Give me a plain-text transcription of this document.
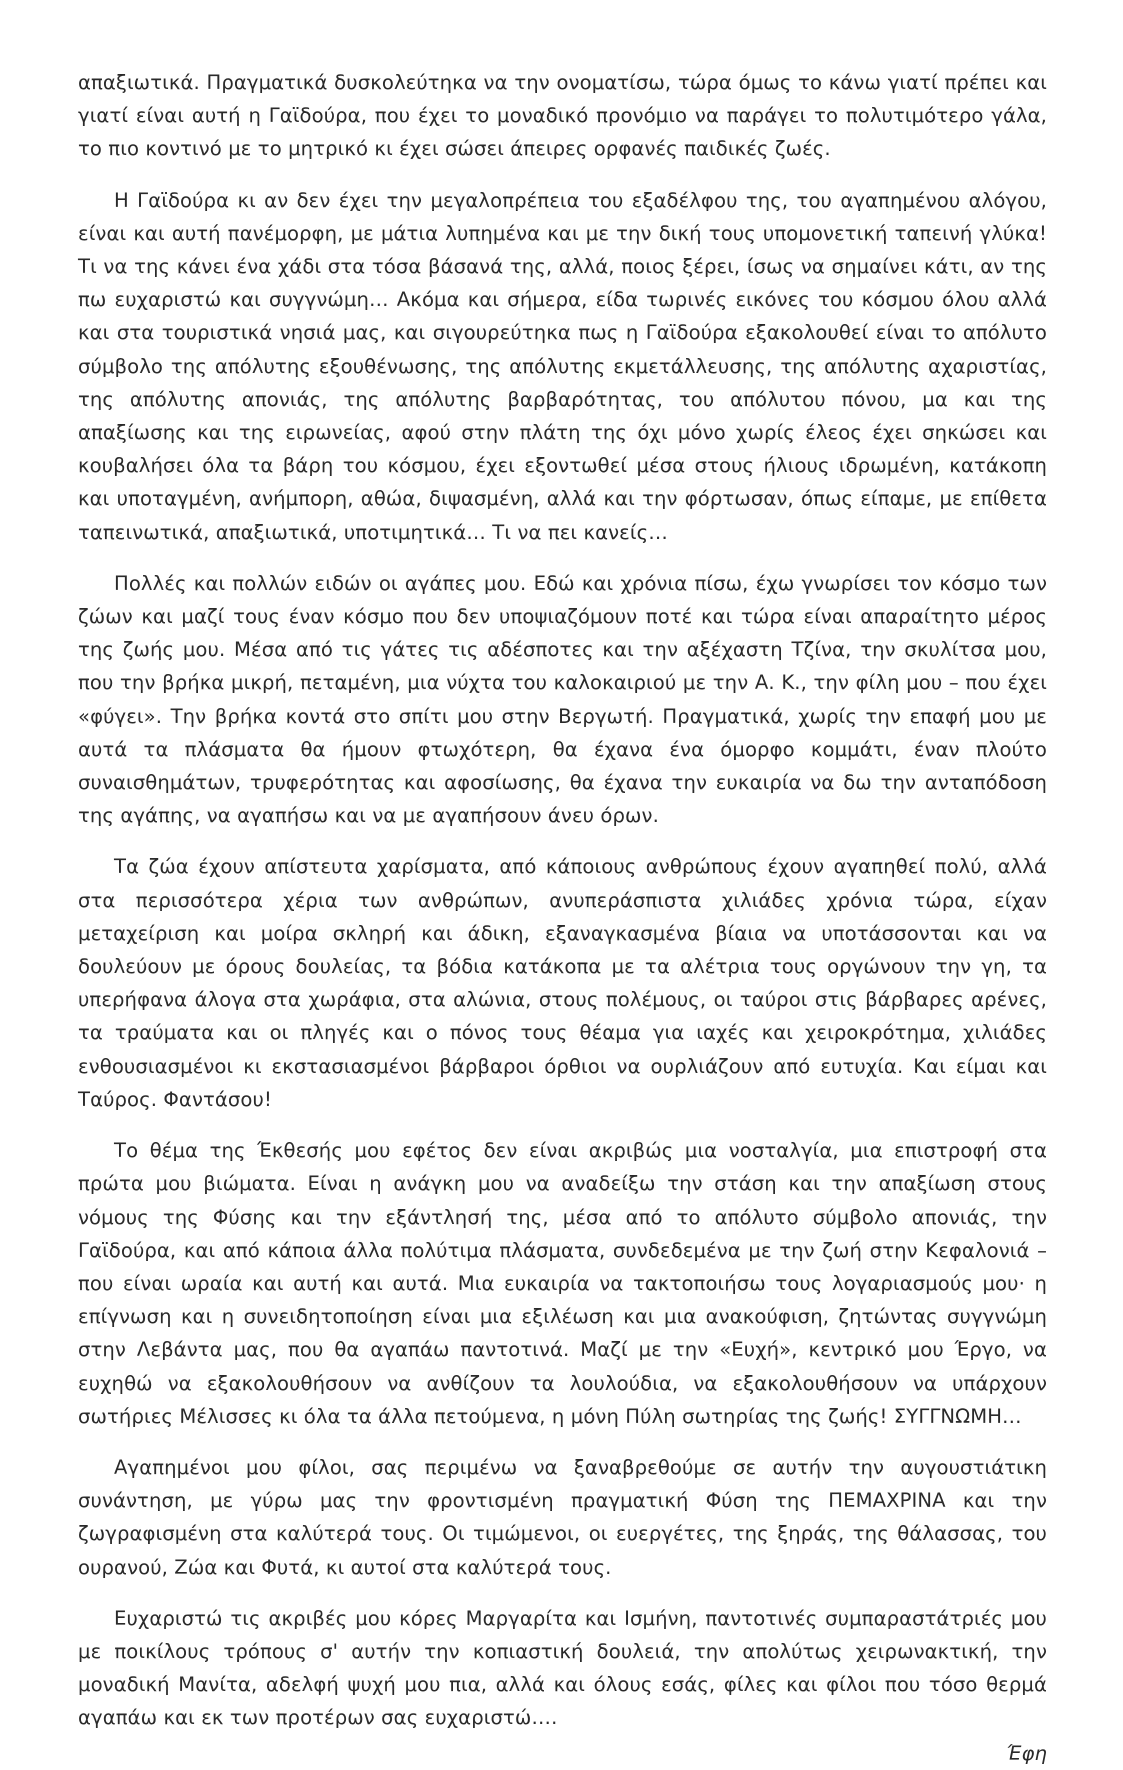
απαξιωτικά. Πραγματικά δυσκολεύτηκα να την ονοματίσω, τώρα όμως το κάνω γιατί πρέπει και γιατί είναι αυτή η Γαϊδούρα, που έχει το μοναδικό προνόμιο να παράγει το πολυτιμότερο γάλα, το πιο κοντινό με το μητρικό κι έχει σώσει άπειρες ορφανές παιδικές ζωές.

Η Γαϊδούρα κι αν δεν έχει την μεγαλοπρέπεια του εξαδέλφου της, του αγαπημένου αλόγου, είναι και αυτή πανέμορφη, με μάτια λυπημένα και με την δική τους υπομονετική ταπεινή γλύκα! Τι να της κάνει ένα χάδι στα τόσα βάσανά της, αλλά, ποιος ξέρει, ίσως να σημαίνει κάτι, αν της πω ευχαριστώ και συγγνώμη… Ακόμα και σήμερα, είδα τωρινές εικόνες του κόσμου όλου αλλά και στα τουριστικά νησιά μας, και σιγουρεύτηκα πως η Γαϊδούρα εξακολουθεί είναι το απόλυτο σύμβολο της απόλυτης εξουθένωσης, της απόλυτης εκμετάλλευσης, της απόλυτης αχαριστίας, της απόλυτης απονιάς, της απόλυτης βαρβαρότητας, του απόλυτου πόνου, μα και της απαξίωσης και της ειρωνείας, αφού στην πλάτη της όχι μόνο χωρίς έλεος έχει σηκώσει και κουβαλήσει όλα τα βάρη του κόσμου, έχει εξοντωθεί μέσα στους ήλιους ιδρωμένη, κατάκοπη και υποταγμένη, ανήμπορη, αθώα, διψασμένη, αλλά και την φόρτωσαν, όπως είπαμε, με επίθετα ταπεινωτικά, απαξιωτικά, υποτιμητικά… Τι να πει κανείς…

Πολλές και πολλών ειδών οι αγάπες μου. Εδώ και χρόνια πίσω, έχω γνωρίσει τον κόσμο των ζώων και μαζί τους έναν κόσμο που δεν υποψιαζόμουν ποτέ και τώρα είναι απαραίτητο μέρος της ζωής μου. Μέσα από τις γάτες τις αδέσποτες και την αξέχαστη Τζίνα, την σκυλίτσα μου, που την βρήκα μικρή, πεταμένη, μια νύχτα του καλοκαιριού με την Α. Κ., την φίλη μου – που έχει «φύγει». Την βρήκα κοντά στο σπίτι μου στην Βεργωτή. Πραγματικά, χωρίς την επαφή μου με αυτά τα πλάσματα θα ήμουν φτωχότερη, θα έχανα ένα όμορφο κομμάτι, έναν πλούτο συναισθημάτων, τρυφερότητας και αφοσίωσης, θα έχανα την ευκαιρία να δω την ανταπόδοση της αγάπης, να αγαπήσω και να με αγαπήσουν άνευ όρων.

Τα ζώα έχουν απίστευτα χαρίσματα, από κάποιους ανθρώπους έχουν αγαπηθεί πολύ, αλλά στα περισσότερα χέρια των ανθρώπων, ανυπεράσπιστα χιλιάδες χρόνια τώρα, είχαν μεταχείριση και μοίρα σκληρή και άδικη, εξαναγκασμένα βίαια να υποτάσσονται και να δουλεύουν με όρους δουλείας, τα βόδια κατάκοπα με τα αλέτρια τους οργώνουν την γη, τα υπερήφανα άλογα στα χωράφια, στα αλώνια, στους πολέμους, οι ταύροι στις βάρβαρες αρένες, τα τραύματα και οι πληγές και ο πόνος τους θέαμα για ιαχές και χειροκρότημα, χιλιάδες ενθουσιασμένοι κι εκστασιασμένοι βάρβαροι όρθιοι να ουρλιάζουν από ευτυχία. Και είμαι και Ταύρος. Φαντάσου!

Το θέμα της Έκθεσής μου εφέτος δεν είναι ακριβώς μια νοσταλγία, μια επιστροφή στα πρώτα μου βιώματα. Είναι η ανάγκη μου να αναδείξω την στάση και την απαξίωση στους νόμους της Φύσης και την εξάντλησή της, μέσα από το απόλυτο σύμβολο απονιάς, την Γαϊδούρα, και από κάποια άλλα πολύτιμα πλάσματα, συνδεδεμένα με την ζωή στην Κεφαλονιά – που είναι ωραία και αυτή και αυτά. Μια ευκαιρία να τακτοποιήσω τους λογαριασμούς μου· η επίγνωση και η συνειδητοποίηση είναι μια εξιλέωση και μια ανακούφιση, ζητώντας συγγνώμη στην Λεβάντα μας, που θα αγαπάω παντοτινά. Μαζί με την «Ευχή», κεντρικό μου Έργο, να ευχηθώ να εξακολουθήσουν να ανθίζουν τα λουλούδια, να εξακολουθήσουν να υπάρχουν σωτήριες Μέλισσες κι όλα τα άλλα πετούμενα, η μόνη Πύλη σωτηρίας της ζωής! ΣΥΓΓΝΩΜΗ…

Αγαπημένοι μου φίλοι, σας περιμένω να ξαναβρεθούμε σε αυτήν την αυγουστιάτικη συνάντηση, με γύρω μας την φροντισμένη πραγματική Φύση της ΠΕΜΑΧΡΙΝΑ και την ζωγραφισμένη στα καλύτερά τους. Οι τιμώμενοι, οι ευεργέτες, της ξηράς, της θάλασσας, του ουρανού, Ζώα και Φυτά, κι αυτοί στα καλύτερά τους.

Ευχαριστώ τις ακριβές μου κόρες Μαργαρίτα και Ισμήνη, παντοτινές συμπαραστάτριές μου με ποικίλους τρόπους σ' αυτήν την κοπιαστική δουλειά, την απολύτως χειρωνακτική, την μοναδική Μανίτα, αδελφή ψυχή μου πια, αλλά και όλους εσάς, φίλες και φίλοι που τόσο θερμά αγαπάω και εκ των προτέρων σας ευχαριστώ….

Έφη
